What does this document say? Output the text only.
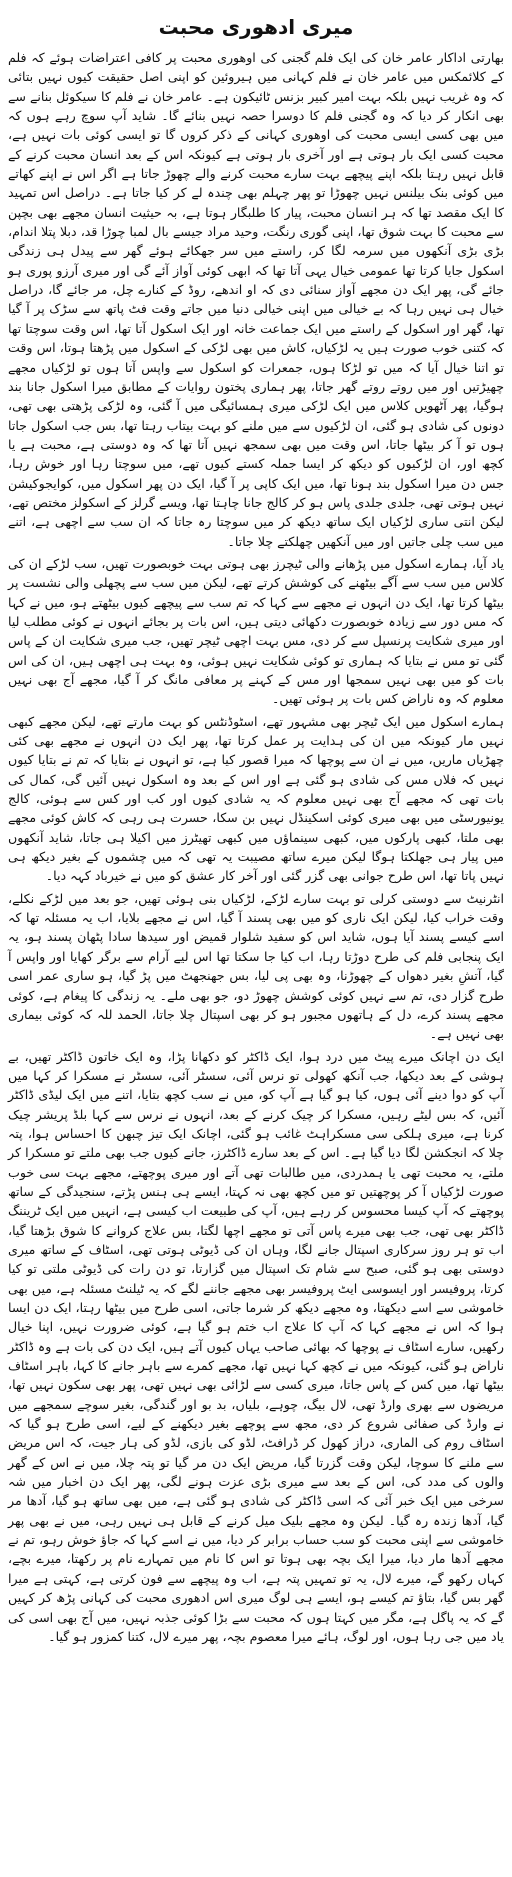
میری ادھوری محبت

بھارتی اداکار عامر خان کی ایک فلم گجنی کی اوھوری محبت پر کافی اعتراضات ہوئے کہ فلم کے کلائمکس میں عامر خان نے فلم کہانی میں ہیروئین کو اپنی اصل حقیقت کیوں نہیں بتائی کہ وہ غریب نہیں بلکہ بہت امیر کبیر بزنس ٹائیکون ہے۔ عامر خان نے فلم کا سیکوئل بنانے سے بھی انکار کر دیا کہ وہ گجنی فلم کا دوسرا حصہ نہیں بنائے گا۔ شاید آپ سوچ رہے ہوں کہ میں بھی کسی ایسی محبت کی اوھوری کہانی کے ذکر کروں گا تو ایسی کوئی بات نہیں ہے، محبت کسی ایک بار ہوتی ہے اور آخری بار ہوتی ہے کیونکہ اس کے بعد انسان محبت کرنے کے قابل نہیں رہتا بلکہ اپنے پیچھے بہت سارے محبت کرنے والے چھوڑ جاتا ہے اگر اس نے اپنے کھاتے میں کوئی بنک بیلنس نہیں چھوڑا تو پھر چہلم بھی چندہ لے کر کیا جاتا ہے۔ دراصل اس تمہید کا ایک مقصد تھا کہ ہر انسان محبت، پیار کا طلبگار ہوتا ہے، بہ حیثیت انسان مجھے بھی بچپن سے محبت کا بہت شوق تھا، اپنی گوری رنگت، وحید مراد جیسے بال لمبا چوڑا قد، دبلا پتلا اندام، بڑی بڑی آنکھوں میں سرمہ لگا کر، راستے میں سر جھکائے ہوئے گھر سے پیدل ہی زندگی اسکول جایا کرتا تھا عمومی خیال یہی آتا تھا کہ ابھی کوئی آواز آئے گی اور میری آرزو پوری ہو جائے گی، پھر ایک دن مجھے آواز سنائی دی کہ او اندھے، روڈ کے کنارے چل، مر جائے گا، دراصل خیال ہی نہیں رہا کہ بے خیالی میں اپنی خیالی دنیا میں جاتے وقت فٹ پاتھ سے سڑک پر آ گیا تھا، گھر اور اسکول کے راستے میں ایک جماعت خانہ اور ایک اسکول آتا تھا، اس وقت سوچتا تھا کہ کتنی خوب صورت ہیں یہ لڑکیاں، کاش میں بھی لڑکی کے اسکول میں پڑھتا ہوتا، اس وقت تو اتنا خیال آیا کہ میں تو لڑکا ہوں، جمعرات کو اسکول سے واپس آتا ہوں تو لڑکیاں مجھے چھیڑتیں اور میں روتے روتے گھر جاتا، پھر ہماری پختون روایات کے مطابق میرا اسکول جانا بند ہوگیا، پھر آٹھویں کلاس میں ایک لڑکی میری ہمسائیگی میں آ گئی، وہ لڑکی پڑھتی بھی تھی، دونوں کی شادی ہو گئی، ان لڑکیوں سے میں ملنے کو بہت بیتاب رہتا تھا، بس جب اسکول جاتا ہوں تو آ کر بیٹھا جاتا، اس وقت میں بھی سمجھ نہیں آتا تھا کہ وہ دوستی ہے، محبت ہے یا کچھ اور، ان لڑکیوں کو دیکھ کر ایسا جملہ کستے کیوں تھے، میں سوچتا رہا اور خوش رہا، جس دن میرا اسکول بند ہونا تھا، میں ایک کاپی پر آ گیا، ایک دن پھر اسکول میں، کوایجوکیشن نہیں ہوتی تھی، جلدی جلدی پاس ہو کر کالج جانا چاہتا تھا، ویسے گرلز کے اسکولز مختص تھے، لیکن انتی ساری لڑکیاں ایک ساتھ دیکھ کر میں سوچتا رہ جاتا کہ ان سب سے اچھی ہے، اتنے میں سب چلی جاتیں اور میں آنکھیں چھلکتے چلا جاتا۔

یاد آیا، ہمارے اسکول میں پڑھانے والی ٹیچرز بھی ہوتی بہت خوبصورت تھیں، سب لڑکے ان کی کلاس میں سب سے آگے بیٹھنے کی کوشش کرتے تھے، لیکن میں سب سے پچھلی والی نشست پر بیٹھا کرتا تھا، ایک دن انہوں نے مجھے سے کہا کہ تم سب سے پیچھے کیوں بیٹھتے ہو، میں نے کہا کہ مس دور سے زیادہ خوبصورت دکھائی دیتی ہیں، اس بات پر بجائے انہوں نے کوئی مطلب لیا اور میری شکایت پرنسپل سے کر دی، مس بہت اچھی ٹیچر تھیں، جب میری شکایت ان کے پاس گئی تو مس نے بتایا کہ ہماری تو کوئی شکایت نہیں ہوئی، وہ بہت ہی اچھی ہیں، ان کی اس بات کو میں بھی نہیں سمجھا اور مس کے کہنے پر معافی مانگ کر آ گیا، مجھے آج بھی نہیں معلوم کہ وہ ناراض کس بات پر ہوئی تھیں۔

ہمارے اسکول میں ایک ٹیچر بھی مشہور تھے، اسٹوڈنٹس کو بہت مارتے تھے، لیکن مجھے کبھی نہیں مار کیونکہ میں ان کی ہدایت پر عمل کرتا تھا، پھر ایک دن انہوں نے مجھے بھی کئی چھڑیاں ماریں، میں نے ان سے پوچھا کہ میرا قصور کیا ہے، تو انہوں نے بتایا کہ تم نے بتایا کیوں نہیں کہ فلاں مس کی شادی ہو گئی ہے اور اس کے بعد وہ اسکول نہیں آئیں گی، کمال کی بات تھی کہ مجھے آج بھی نہیں معلوم کہ یہ شادی کیوں اور کب اور کس سے ہوئی، کالج یونیورسٹی میں بھی میری کوئی اسکینڈل نہیں بن سکا، حسرت ہی رہی کہ کاش کوئی مجھے بھی ملتا، کبھی پارکوں میں، کبھی سینماؤں میں کبھی تھیٹرز میں اکیلا ہی جاتا، شاید آنکھوں میں پیار ہی جھلکتا ہوگا لیکن میرے ساتھ مصیبت یہ تھی کہ میں چشموں کے بغیر دیکھ ہی نہیں پاتا تھا، اس طرح جوانی بھی گزر گئی اور آخر کار عشق کو میں نے خیرباد کہہ دیا۔

انٹرنیٹ سے دوستی کرلی تو بہت سارے لڑکے، لڑکیاں بنی ہوئی تھیں، جو بعد میں لڑکے نکلے، وقت خراب کیا، لیکن ایک ناری کو میں بھی پسند آ گیا، اس نے مجھے بلایا، اب یہ مسئلہ تھا کہ اسے کیسے پسند آیا ہوں، شاید اس کو سفید شلوار قمیض اور سیدھا سادا پٹھان پسند ہو، یہ ایک پنجابی فلم کی طرح دوڑتا رہا، اب کیا جا سکتا تھا اس لیے آرام سے برگر کھایا اور واپس آ گیا، آتشِ بغیر دھواں کے چھوڑنا، وہ بھی پی لیا، بس جھنجھٹ میں پڑ گیا، ہو ساری عمر اسی طرح گزار دی، تم سے نہیں کوئی کوشش چھوڑ دو، جو بھی ملے۔ یہ زندگی کا پیغام ہے، کوئی مجھے پسند کرے، دل کے ہاتھوں مجبور ہو کر بھی اسپتال چلا جاتا، الحمد للہ کہ کوئی بیماری بھی نہیں ہے۔

ایک دن اچانک میرے پیٹ میں درد ہوا، ایک ڈاکٹر کو دکھانا پڑا، وہ ایک خاتون ڈاکٹر تھیں، بے ہوشی کے بعد دیکھا، جب آنکھ کھولی تو نرس آئی، سسٹر آئی، سسٹر نے مسکرا کر کہا میں آپ کو دوا دینے آئی ہوں، کیا ہو گیا ہے آپ کو، میں نے سب کچھ بتایا، اتنے میں ایک لیڈی ڈاکٹر آئیں، کہ بس لیٹے رہیں، مسکرا کر چیک کرنے کے بعد، انہوں نے نرس سے کہا بلڈ پریشر چیک کرنا ہے، میری ہلکی سی مسکراہٹ غائب ہو گئی، اچانک ایک تیز چبھن کا احساس ہوا، پتہ چلا کہ انجکشن لگا دیا گیا ہے۔ اس کے بعد سارے ڈاکٹرز، جانے کیوں جب بھی ملتے تو مسکرا کر ملتے، یہ محبت تھی یا ہمدردی، میں طالبات تھی آتے اور میری پوچھتے، مجھے بہت سی خوب صورت لڑکیاں آ کر پوچھتیں تو میں کچھ بھی نہ کہتا، ایسے ہی ہنس پڑتے، سنجیدگی کے ساتھ پوچھتے کہ آپ کیسا محسوس کر رہے ہیں، آپ کی طبیعت اب کیسی ہے، انہیں میں ایک ٹریننگ ڈاکٹر بھی تھی، جب بھی میرے پاس آتی تو مجھے اچھا لگتا، بس علاج کروانے کا شوق بڑھتا گیا، اب تو ہر روز سرکاری اسپتال جانے لگا، وہاں ان کی ڈیوٹی ہوتی تھی، اسٹاف کے ساتھ میری دوستی بھی ہو گئی، صبح سے شام تک اسپتال میں گزارتا، تو دن رات کی ڈیوٹی ملتی تو کیا کرتا، پروفیسر اور ایسوسی ایٹ پروفیسر بھی مجھے جاننے لگے کہ یہ ٹیلنٹ مسئلہ ہے، میں بھی خاموشی سے اسے دیکھتا، وہ مجھے دیکھ کر شرما جاتی، اسی طرح میں بیٹھا رہتا، ایک دن ایسا ہوا کہ اس نے مجھے کہا کہ آپ کا علاج اب ختم ہو گیا ہے، کوئی ضرورت نہیں، اپنا خیال رکھیں، سارے اسٹاف نے پوچھا کہ بھائی صاحب یہاں کیوں آتے ہیں، ایک دن کی بات ہے وہ ڈاکٹر ناراض ہو گئی، کیونکہ میں نے کچھ کہا نہیں تھا، مجھے کمرے سے باہر جانے کا کہا، باہر اسٹاف بیٹھا تھا، میں کس کے پاس جاتا، میری کسی سے لڑائی بھی نہیں تھی، پھر بھی سکون نہیں تھا، مریضوں سے بھری وارڈ تھی، لال بیگ، چوہے، بلیاں، بد بو اور گندگی، بغیر سوچے سمجھے میں نے وارڈ کی صفائی شروع کر دی، مجھ سے پوچھے بغیر دیکھنے کے لیے، اسی طرح ہو گیا کہ اسٹاف روم کی الماری، دراز کھول کر ڈرافٹ، لڈو کی بازی، لڈو کی ہار جیت، کہ اس مریض سے ملنے کا سوچا، لیکن وقت گزرتا گیا، مریض ایک دن مر گیا تو پتہ چلا، میں نے اس کے گھر والوں کی مدد کی، اس کے بعد سے میری بڑی عزت ہونے لگی، پھر ایک دن اخبار میں شہ سرخی میں ایک خبر آئی کہ اسی ڈاکٹر کی شادی ہو گئی ہے، میں بھی ساتھ ہو گیا، آدھا مر گیا، آدھا زندہ رہ گیا۔ لیکن وہ مجھے بلیک میل کرنے کے قابل ہی نہیں رہی، میں نے بھی پھر خاموشی سے اپنی محبت کو سب حساب برابر کر دیا، میں نے اسے کہا کہ جاؤ خوش رہو، تم نے مجھے آدھا مار دیا، میرا ایک بچہ بھی ہوتا تو اس کا نام میں تمہارے نام پر رکھتا، میرے بچے، کہاں رکھو گے، میرے لال، یہ تو تمہیں پتہ ہے، اب وہ پیچھے سے فون کرتی ہے، کہتی ہے میرا گھر بس گیا، بتاؤ تم کیسے ہو، ایسے ہی لوگ میری اس ادھوری محبت کی کہانی پڑھ کر کہیں گے کہ یہ پاگل ہے، مگر میں کہتا ہوں کہ محبت سے بڑا کوئی جذبہ نہیں، میں آج بھی اسی کی یاد میں جی رہا ہوں، اور لوگ، ہائے میرا معصوم بچہ، پھر میرے لال، کتنا کمزور ہو گیا۔
